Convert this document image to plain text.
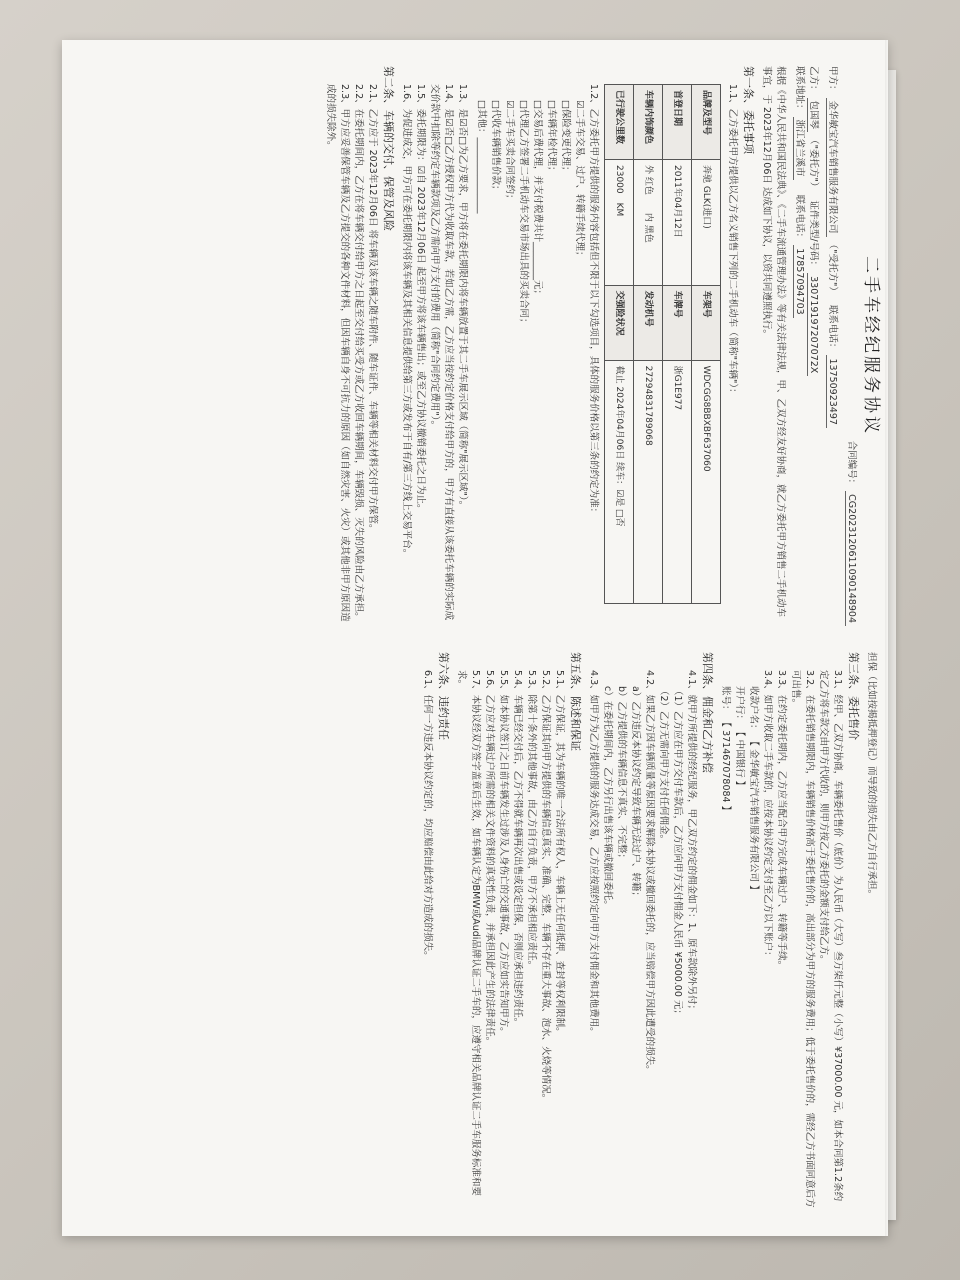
二手车经纪服务协议
合同编号： CG2023120611090148904
甲方： 金华敏宝汽车销售服务有限公司 （"受托方"）   联系电话： 13750923497
乙方： 包国琴 （"委托方"）   证件类型/号码： 330719197207072X
联系地址： 浙江省兰溪市     联系电话： 17857094703
根据《中华人民共和国民法典》、《二手车流通管理办法》等有关法律法规，甲、乙双方经友好协商，就乙方委托甲方销售二手机动车事宜，于 2023年12月06日 达成如下协议，以资共同遵照执行。
第一条、委托事项
1.1、乙方委托甲方提供以乙方名义销售下列的二手机动车（简称"车辆"）：
品牌及型号	奔驰 GLK(进口)	车架号	WDCGG8BBXBF637060
首登日期	2011年04月12日	车牌号	浙G1E977
车辆内饰颜色	外 红色　　内 黑色	发动机号	27294831789068
已行驶公里数	23000　KM	交强险状况	截止 2024年04月06日 续车：☑是 □否
1.2、乙方委托甲方提供的服务内容包括但不限于以下勾选项目，具体的服务价格以第三条的约定为准：
☑二手车交易、过户、转籍手续代理；
□保险变更代理；
□车辆年检代理；
□交易后费代理，并支付税费共计________元；
□代理乙方签署二手机动车交易市场出具的买卖合同；
☑二手车买卖合同签约；
□代收车辆销售价款；
□其他：________________
1.3、是☑否□为乙方要求，甲方将在委托期限内将车辆放置于其二手车展示区域（简称"展示区域"）。
1.4、是☑否□乙方授权甲方代为收取车款，若如乙方需，乙方应当按约定价格支付给甲方的，甲方有直接从该委托车辆的实际成交价款中扣除等约定车辆款项及乙方需向甲方支付的费用（简称"合同约定费用"）。
1.5、委托期限为：☑自 2023年12月06日 起至甲方将该车辆售出；或至乙方协议撤销委托之日为止。
1.6、为促进成交，甲方可在委托期限内将该车辆及其相关信息提供给第三方或发布于自有/第三方线上交易平台。
第二条、车辆的交付、保管及风险
2.1、乙方应于 2023年12月06日 将车辆及该车辆之随车附件、随车证件、车辆等相关材料交付甲方保管。
2.2、在委托期间内，乙方在将车辆交付给甲方之日起至交付给买受方或乙方收回车辆期间，车辆毁损、灭失的风险由乙方承担。
2.3、甲方应妥善保管车辆及乙方提交的各种文件材料，但因车辆自身不可抗力的原因（如自然灾害、火灾）或其他非甲方原因造成的损失除外。
担保（比如按揭抵押登记）而导致的损失由乙方自行承担。
第三条、委托售价
3.1、经甲、乙双方协商，车辆委托售价（底价）为人民币（大写）叁万柒仟元整（小写）¥37000.00 元，如本合同第1.2条约定乙方将车款交由甲方代收的，则甲方按乙方委托的金额支付给乙方。
3.2、在委托销售期限内，车辆销售价格高于委托售价的，高出部分为甲方的服务费用；低于委托售价的，需经乙方书面同意后方可出售。
3.3、在约定委托期内，乙方应当配合甲方完成车辆过户、转籍等手续。
3.4、如甲方收取二手车款的，应按本协议约定支付至乙方以下账户：
收款户名： 【 金华敏宝汽车销售服务有限公司 】
开户行： 【 中国银行 】
账号： 【 371467078084 】
第四条、佣金和乙方补偿
4.1、就甲方所提供的经纪服务，甲乙双方约定的佣金如下：1、原车款除外另付；
（1）乙方应在甲方交付车款后，乙方应向甲方支付佣金人民币 ¥5000.00 元；
（2）乙方无需向甲方支付任何佣金。
4.2、如果乙方因车辆质量等原因要求解除本协议或撤回委托的，应当赔偿甲方因此遭受的损失。
a）乙方违反本协议约定导致车辆无法过户、转籍；
b）乙方提供的车辆信息不真实、不完整；
c）在委托期间内，乙方另行出售该车辆或撤回委托。
4.3、如甲方为乙方提供的服务达成交易，乙方应按照约定向甲方支付佣金和其他费用。
第五条、陈述和保证
5.1、乙方保证，其为车辆的唯一合法所有权人，车辆上无任何抵押、查封等权利限制。
5.2、乙方保证其向甲方提供的车辆信息真实、准确、完整，车辆不存在重大事故、泡水、火烧等情况。
5.3、除第十条外的其他事故，由乙方自行负责，甲方不承担相应责任。
5.4、车辆已经交付后，乙方不得就车辆再次出售或设定担保，否则应承担违约责任。
5.5、如本协议签订之日前车辆发生过涉及人身伤亡的交通事故，乙方应如实告知甲方。
5.6、乙方应对车辆过户所需的相关文件资料的真实性负责，并承担因此产生的法律责任。
5.7、本协议经双方签字盖章后生效，如车辆认定为BMW或Audi品牌认证二手车的，应遵守相关品牌认证二手车服务标准和要求。
第六条、违约责任
6.1、任何一方违反本协议约定的，均应赔偿由此给对方造成的损失。
